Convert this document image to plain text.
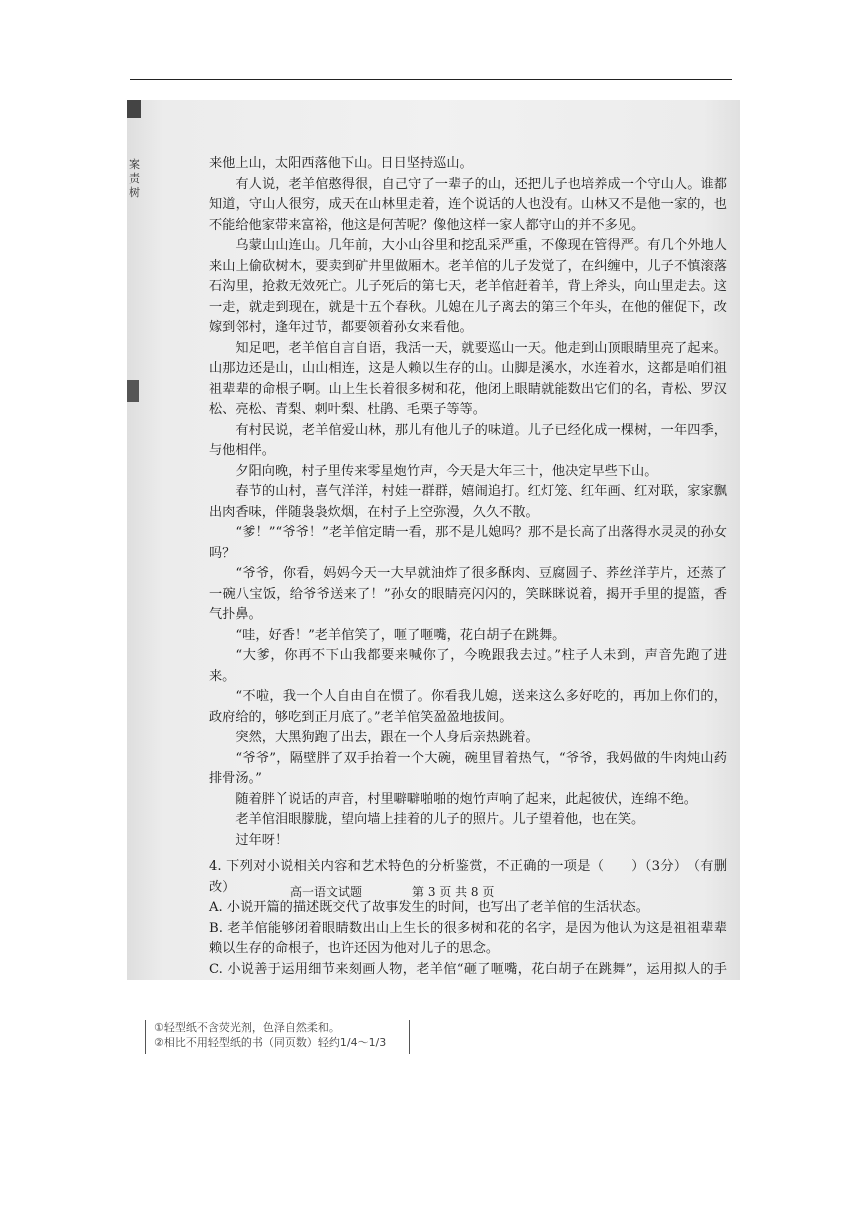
案
责
树

来他上山，太阳西落他下山。日日坚持巡山。

有人说，老羊倌憨得很，自己守了一辈子的山，还把儿子也培养成一个守山人。谁都知道，守山人很穷，成天在山林里走着，连个说话的人也没有。山林又不是他一家的，也不能给他家带来富裕，他这是何苦呢？像他这样一家人都守山的并不多见。

乌蒙山山连山。几年前，大小山谷里和挖乱采严重，不像现在管得严。有几个外地人来山上偷砍树木，要卖到矿井里做厢木。老羊倌的儿子发觉了，在纠缠中，儿子不慎滚落石沟里，抢救无效死亡。儿子死后的第七天，老羊倌赶着羊，背上斧头，向山里走去。这一走，就走到现在，就是十五个春秋。儿媳在儿子离去的第三个年头，在他的催促下，改嫁到邻村，逢年过节，都要领着孙女来看他。

知足吧，老羊倌自言自语，我活一天，就要巡山一天。他走到山顶眼睛里亮了起来。山那边还是山，山山相连，这是人赖以生存的山。山脚是溪水，水连着水，这都是咱们祖祖辈辈的命根子啊。山上生长着很多树和花，他闭上眼睛就能数出它们的名，青松、罗汉松、亮松、青梨、刺叶梨、杜鹃、毛栗子等等。

有村民说，老羊倌爱山林，那儿有他儿子的味道。儿子已经化成一棵树，一年四季，与他相伴。

夕阳向晚，村子里传来零星炮竹声，今天是大年三十，他决定早些下山。

春节的山村，喜气洋洋，村娃一群群，嬉闹追打。红灯笼、红年画、红对联，家家飘出肉香味，伴随袅袅炊烟，在村子上空弥漫，久久不散。

“爹！”“爷爷！”老羊倌定睛一看，那不是儿媳吗？那不是长高了出落得水灵灵的孙女吗？

“爷爷，你看，妈妈今天一大早就油炸了很多酥肉、豆腐圆子、荞丝洋芋片，还蒸了一碗八宝饭，给爷爷送来了！”孙女的眼睛亮闪闪的，笑眯眯说着，揭开手里的提篮，香气扑鼻。

“哇，好香！”老羊倌笑了，咂了咂嘴，花白胡子在跳舞。

“大爹，你再不下山我都要来喊你了，今晚跟我去过。”柱子人未到，声音先跑了进来。

“不啦，我一个人自由自在惯了。你看我儿媳，送来这么多好吃的，再加上你们的，政府给的，够吃到正月底了。”老羊倌笑盈盈地拔间。

突然，大黑狗跑了出去，跟在一个人身后亲热跳着。

“爷爷”，隔壁胖了双手抬着一个大碗，碗里冒着热气，“爷爷，我妈做的牛肉炖山药排骨汤。”

随着胖丫说话的声音，村里噼噼啪啪的炮竹声响了起来，此起彼伏，连绵不绝。

老羊倌泪眼朦胧，望向墙上挂着的儿子的照片。儿子望着他，也在笑。

过年呀！

4. 下列对小说相关内容和艺术特色的分析鉴赏，不正确的一项是（　　）（3分） （有删改）

A. 小说开篇的描述既交代了故事发生的时间，也写出了老羊倌的生活状态。

B. 老羊倌能够闭着眼睛数出山上生长的很多树和花的名字，是因为他认为这是祖祖辈辈赖以生存的命根子，也许还因为他对儿子的思念。

C. 小说善于运用细节来刻画人物，老羊倌“砸了咂嘴，花白胡子在跳舞”，运用拟人的手

高一语文试题	第 3 页 共 8 页
①轻型纸不含荧光剂，色泽自然柔和。
②相比不用轻型纸的书（同页数）轻约1/4～1/3
